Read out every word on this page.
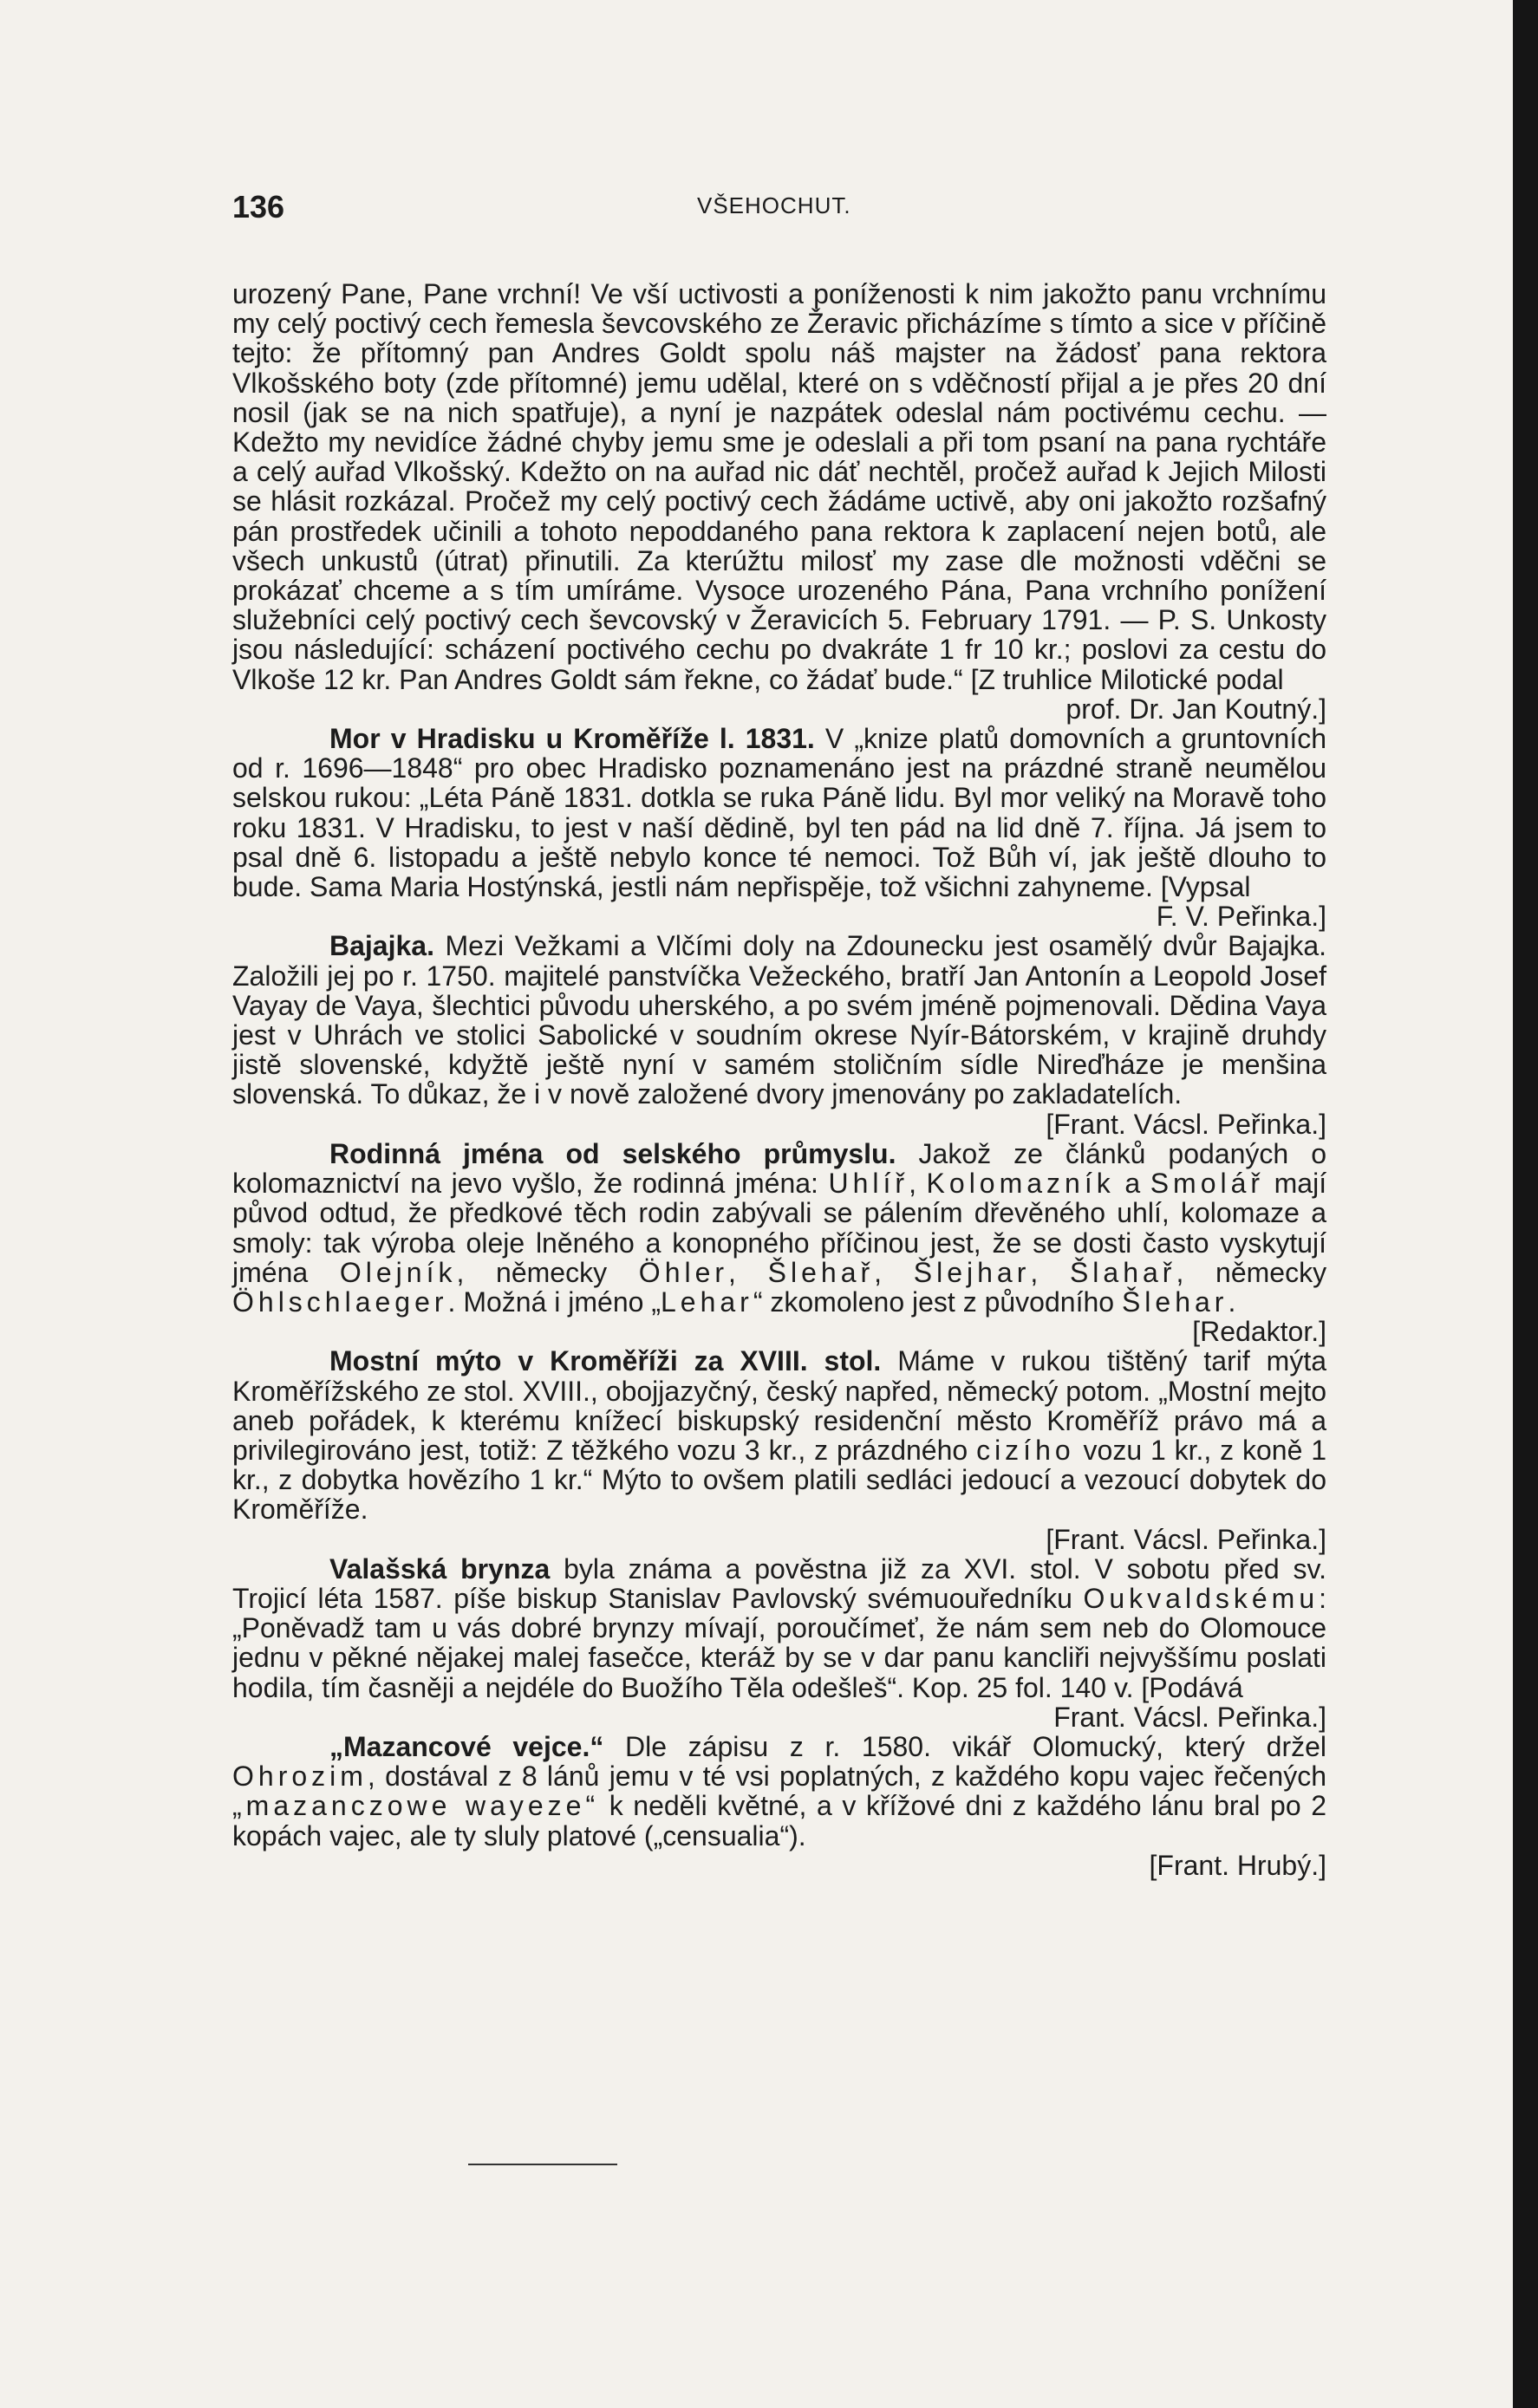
136	VŠEHOCHUT.

urozený Pane, Pane vrchní! Ve vší uctivosti a poníženosti k nim jakožto panu vrchnímu my celý poctivý cech řemesla ševcovského ze Žeravic přicházíme s tímto a sice v příčině tejto: že přítomný pan Andres Goldt spolu náš majster na žádosť pana rektora Vlkošského boty (zde přítomné) jemu udělal, které on s vděčností přijal a je přes 20 dní nosil (jak se na nich spatřuje), a nyní je nazpátek odeslal nám poctivému cechu. — Kdežto my nevidíce žádné chyby jemu sme je odeslali a při tom psaní na pana rychtáře a celý auřad Vlkošský. Kdežto on na auřad nic dáť nechtěl, pročež auřad k Jejich Milosti se hlásit rozkázal. Pročež my celý poctivý cech žádáme uctivě, aby oni jakožto rozšafný pán prostředek učinili a tohoto nepoddaného pana rektora k zaplacení nejen botů, ale všech unkustů (útrat) přinutili. Za kterúžtu milosť my zase dle možnosti vděčni se prokázať chceme a s tím umíráme. Vysoce urozeného Pána, Pana vrchního ponížení služebníci celý poctivý cech ševcovský v Žeravicích 5. February 1791. — P. S. Unkosty jsou následující: scházení poctivého cechu po dvakráte 1 fr 10 kr.; poslovi za cestu do Vlkoše 12 kr. Pan Andres Goldt sám řekne, co žádať bude.“ [Z truhlice Milotické podal
prof. Dr. Jan Koutný.]

Mor v Hradisku u Kroměříže l. 1831. V „knize platů domovních a gruntovních od r. 1696—1848“ pro obec Hradisko poznamenáno jest na prázdné straně neumělou selskou rukou: „Léta Páně 1831. dotkla se ruka Páně lidu. Byl mor veliký na Moravě toho roku 1831. V Hradisku, to jest v naší dědině, byl ten pád na lid dně 7. října. Já jsem to psal dně 6. listopadu a ještě nebylo konce té nemoci. Tož Bůh ví, jak ještě dlouho to bude. Sama Maria Hostýnská, jestli nám nepřispěje, tož všichni zahyneme. [Vypsal
F. V. Peřinka.]

Bajajka. Mezi Vežkami a Vlčími doly na Zdounecku jest osamělý dvůr Bajajka. Založili jej po r. 1750. majitelé panstvíčka Vežeckého, bratří Jan Antonín a Leopold Josef Vayay de Vaya, šlechtici původu uherského, a po svém jméně pojmenovali. Dědina Vaya jest v Uhrách ve stolici Sabolické v soudním okrese Nyír-Bátorském, v krajině druhdy jistě slovenské, kdyžtě ještě nyní v samém stoličním sídle Nireďháze je menšina slovenská. To důkaz, že i v nově založené dvory jmenovány po zakladatelích.
[Frant. Vácsl. Peřinka.]

Rodinná jména od selského průmyslu. Jakož ze článků podaných o kolomaznictví na jevo vyšlo, že rodinná jména: Uhlíř, Kolomazník a Smolář mají původ odtud, že předkové těch rodin zabývali se pálením dřevěného uhlí, kolomaze a smoly: tak výroba oleje lněného a konopného příčinou jest, že se dosti často vyskytují jména Olejník, německy Öhler, Šlehař, Šlejhar, Šlahař, německy Öhlschlaeger. Možná i jméno „Lehar“ zkomoleno jest z původního Šlehar.
[Redaktor.]

Mostní mýto v Kroměříži za XVIII. stol. Máme v rukou tištěný tarif mýta Kroměřížského ze stol. XVIII., obojjazyčný, český napřed, německý potom. „Mostní mejto aneb pořádek, k kterému knížecí biskupský residenční město Kroměříž právo má a privilegirováno jest, totiž: Z těžkého vozu 3 kr., z prázdného cizího vozu 1 kr., z koně 1 kr., z dobytka hovězího 1 kr.“ Mýto to ovšem platili sedláci jedoucí a vezoucí dobytek do Kroměříže.
[Frant. Vácsl. Peřinka.]

Valašská brynza byla známa a pověstna již za XVI. stol. V sobotu před sv. Trojicí léta 1587. píše biskup Stanislav Pavlovský svémuouředníku Oukvaldskému: „Poněvadž tam u vás dobré brynzy mívají, poroučímeť, že nám sem neb do Olomouce jednu v pěkné nějakej malej fasečce, kteráž by se v dar panu kancliři nejvyššímu poslati hodila, tím časněji a nejdéle do Buožího Těla odešleš“. Kop. 25 fol. 140 v. [Podává
Frant. Vácsl. Peřinka.]

„Mazancové vejce.“ Dle zápisu z r. 1580. vikář Olomucký, který držel Ohrozim, dostával z 8 lánů jemu v té vsi poplatných, z každého kopu vajec řečených „mazanczowe wayeze“ k neděli květné, a v křížové dni z každého lánu bral po 2 kopách vajec, ale ty sluly platové („censualia“).
[Frant. Hrubý.]
